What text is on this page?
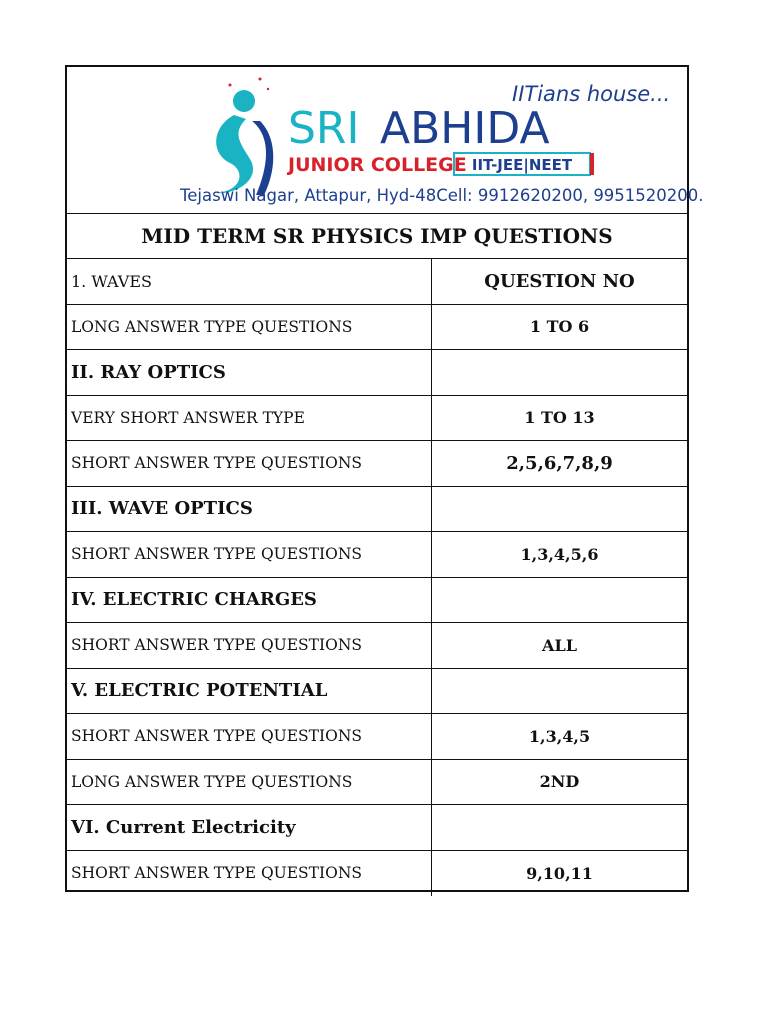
IITians house...
SRI ABHIDA
JUNIOR COLLEGE IIT-JEE|NEET
Tejaswi Nagar, Attapur, Hyd-48Cell: 9912620200, 9951520200.
MID TERM SR PHYSICS IMP QUESTIONS
1. WAVES	QUESTION NO
LONG ANSWER TYPE QUESTIONS	1 TO 6
II. RAY OPTICS
VERY SHORT ANSWER TYPE	1 TO 13
SHORT ANSWER TYPE QUESTIONS	2,5,6,7,8,9
III. WAVE OPTICS
SHORT ANSWER TYPE QUESTIONS	1,3,4,5,6
IV. ELECTRIC CHARGES
SHORT ANSWER TYPE QUESTIONS	ALL
V. ELECTRIC POTENTIAL
SHORT ANSWER TYPE QUESTIONS	1,3,4,5
LONG ANSWER TYPE QUESTIONS	2ND
VI. Current Electricity
SHORT ANSWER TYPE QUESTIONS	9,10,11
